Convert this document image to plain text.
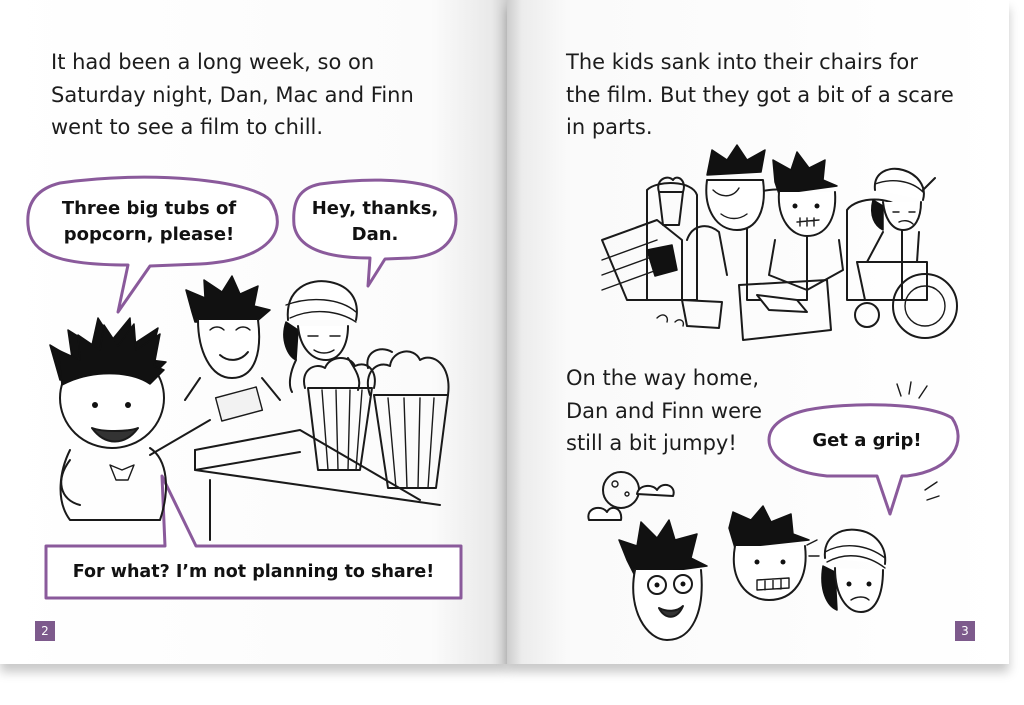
It had been a long week, so on
Saturday night, Dan, Mac and Finn
went to see a film to chill.

Three big tubs of
popcorn, please!

Hey, thanks,
Dan.

For what? I’m not planning to share!

2

The kids sank into their chairs for
the film. But they got a bit of a scare
in parts.

On the way home,
Dan and Finn were
still a bit jumpy!	Get a grip!

3
